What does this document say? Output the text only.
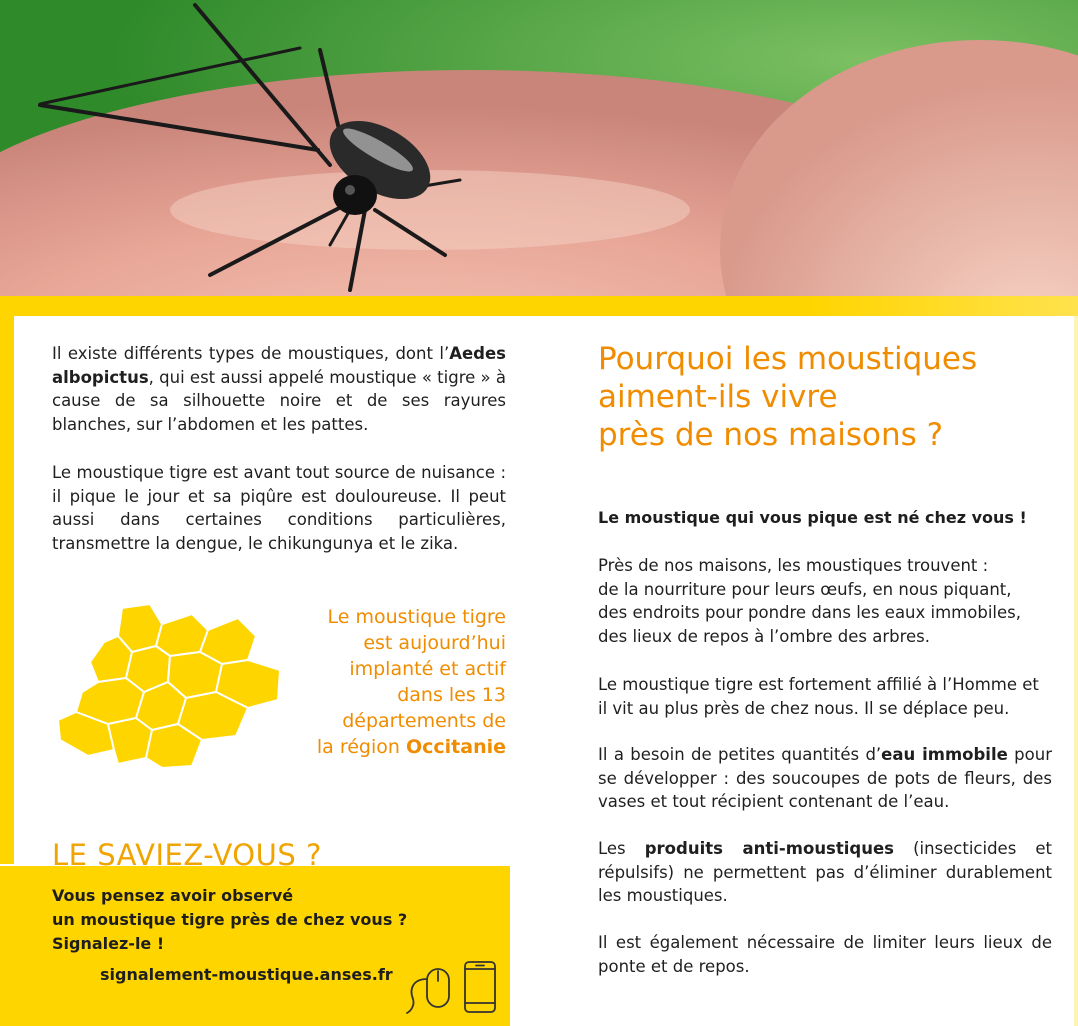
Il existe différents types de moustiques, dont l’Aedes albopictus, qui est aussi appelé moustique « tigre » à cause de sa silhouette noire et de ses rayures blanches, sur l’abdomen et les pattes.

Le moustique tigre est avant tout source de nuisance : il pique le jour et sa piqûre est douloureuse. Il peut aussi dans certaines conditions particulières, transmettre la dengue, le chikungunya et le zika.

Le moustique tigre
est aujourd’hui
implanté et actif
dans les 13
départements de
la région Occitanie

LE SAVIEZ-VOUS ?

Vous pensez avoir observé
un moustique tigre près de chez vous ?
Signalez-le !

signalement-moustique.anses.fr

Pourquoi les moustiques
aiment-ils vivre
près de nos maisons ?

Le moustique qui vous pique est né chez vous !

Près de nos maisons, les moustiques trouvent :
de la nourriture pour leurs œufs, en nous piquant,
des endroits pour pondre dans les eaux immobiles,
des lieux de repos à l’ombre des arbres.

Le moustique tigre est fortement affilié à l’Homme et
il vit au plus près de chez nous. Il se déplace peu.

Il a besoin de petites quantités d’eau immobile pour se développer : des soucoupes de pots de fleurs, des vases et tout récipient contenant de l’eau.

Les produits anti-moustiques (insecticides et répulsifs) ne permettent pas d’éliminer durablement les moustiques.

Il est également nécessaire de limiter leurs lieux de ponte et de repos.
